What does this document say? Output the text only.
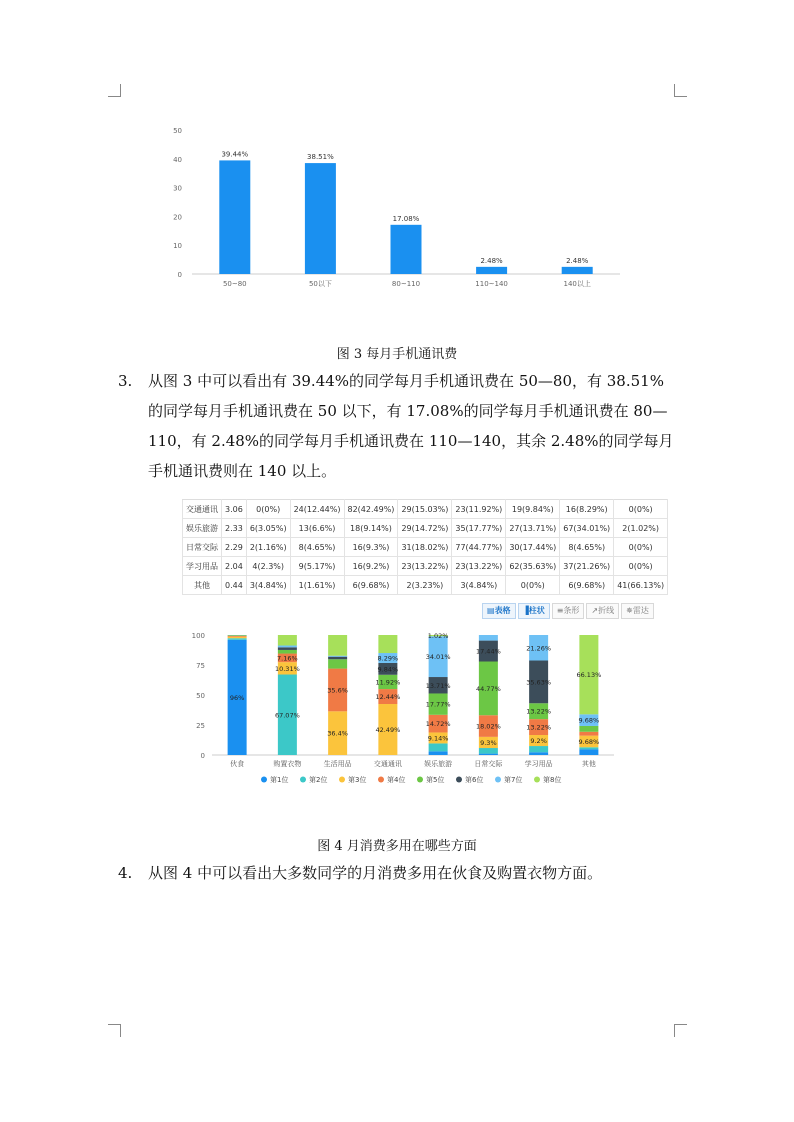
0
10
20
30
40
50
39.44%
50~80
38.51%
50以下
17.08%
80~110
2.48%
110~140
2.48%
140以上
图 3 每月手机通讯费
3. 从图 3 中可以看出有 39.44%的同学每月手机通讯费在 50—80，有 38.51%的同学每月手机通讯费在 50 以下，有 17.08%的同学每月手机通讯费在 80—110，有 2.48%的同学每月手机通讯费在 110—140，其余 2.48%的同学每月手机通讯费则在 140 以上。
交通通讯	3.06	0(0%)	24(12.44%)	82(42.49%)	29(15.03%)	23(11.92%)	19(9.84%)	16(8.29%)	0(0%)
娱乐旅游	2.33	6(3.05%)	13(6.6%)	18(9.14%)	29(14.72%)	35(17.77%)	27(13.71%)	67(34.01%)	2(1.02%)
日常交际	2.29	2(1.16%)	8(4.65%)	16(9.3%)	31(18.02%)	77(44.77%)	30(17.44%)	8(4.65%)	0(0%)
学习用品	2.04	4(2.3%)	9(5.17%)	16(9.2%)	23(13.22%)	23(13.22%)	62(35.63%)	37(21.26%)	0(0%)
其他	0.44	3(4.84%)	1(1.61%)	6(9.68%)	2(3.23%)	3(4.84%)	0(0%)	6(9.68%)	41(66.13%)
▤表格	▐柱状	≡条形	↗折线	✵雷达
0
25
50
75
100
96%
伙食
67.07%
10.31%
7.16%
购置衣物
36.4%
35.6%
生活用品
42.49%
12.44%
11.92%
9.84%
8.29%
交通通讯
9.14%
14.72%
17.77%
13.71%
34.01%
1.02%
娱乐旅游
9.3%
18.02%
44.77%
17.44%
日常交际
9.2%
13.22%
13.22%
35.63%
21.26%
学习用品
9.68%
9.68%
66.13%
其他
第1位	第2位	第3位	第4位	第5位	第6位	第7位	第8位
图 4 月消费多用在哪些方面
4. 从图 4 中可以看出大多数同学的月消费多用在伙食及购置衣物方面。
